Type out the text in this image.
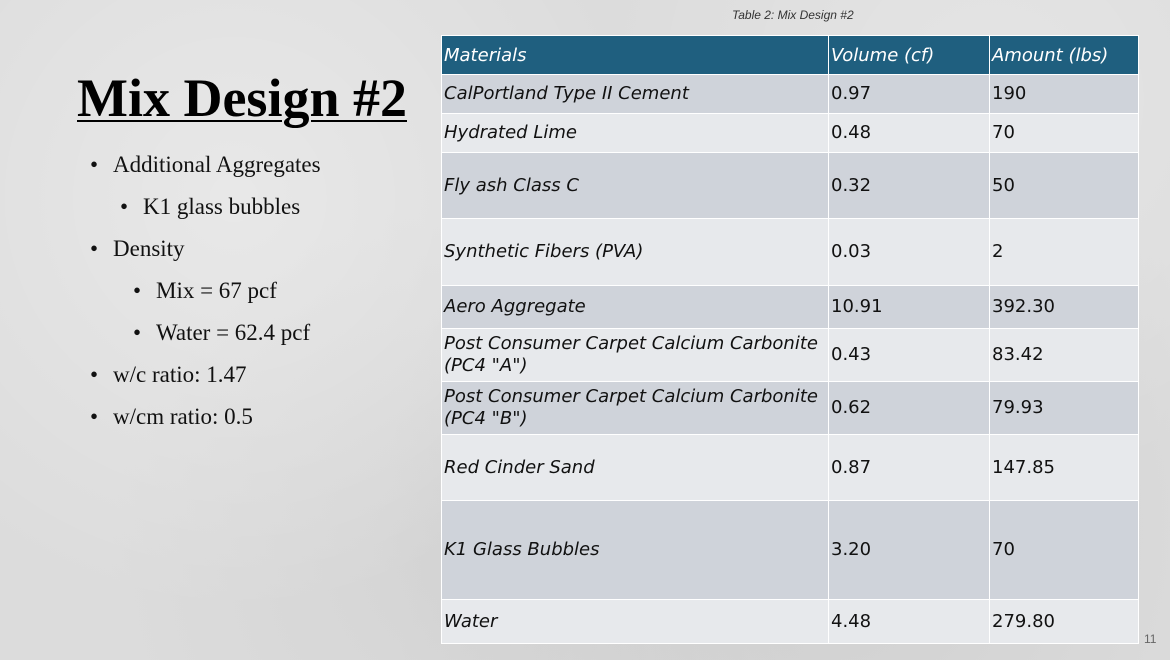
Mix Design #2
• Additional Aggregates
• K1 glass bubbles
• Density
• Mix = 67 pcf
• Water = 62.4 pcf
• w/c ratio: 1.47
• w/cm ratio: 0.5
Table 2: Mix Design #2
Materials	Volume (cf)	Amount (lbs)
CalPortland Type II Cement	0.97	190
Hydrated Lime	0.48	70
Fly ash Class C	0.32	50
Synthetic Fibers (PVA)	0.03	2
Aero Aggregate	10.91	392.30
Post Consumer Carpet Calcium Carbonite (PC4 "A")	0.43	83.42
Post Consumer Carpet Calcium Carbonite (PC4 "B")	0.62	79.93
Red Cinder Sand	0.87	147.85
K1 Glass Bubbles	3.20	70
Water	4.48	279.80
11
